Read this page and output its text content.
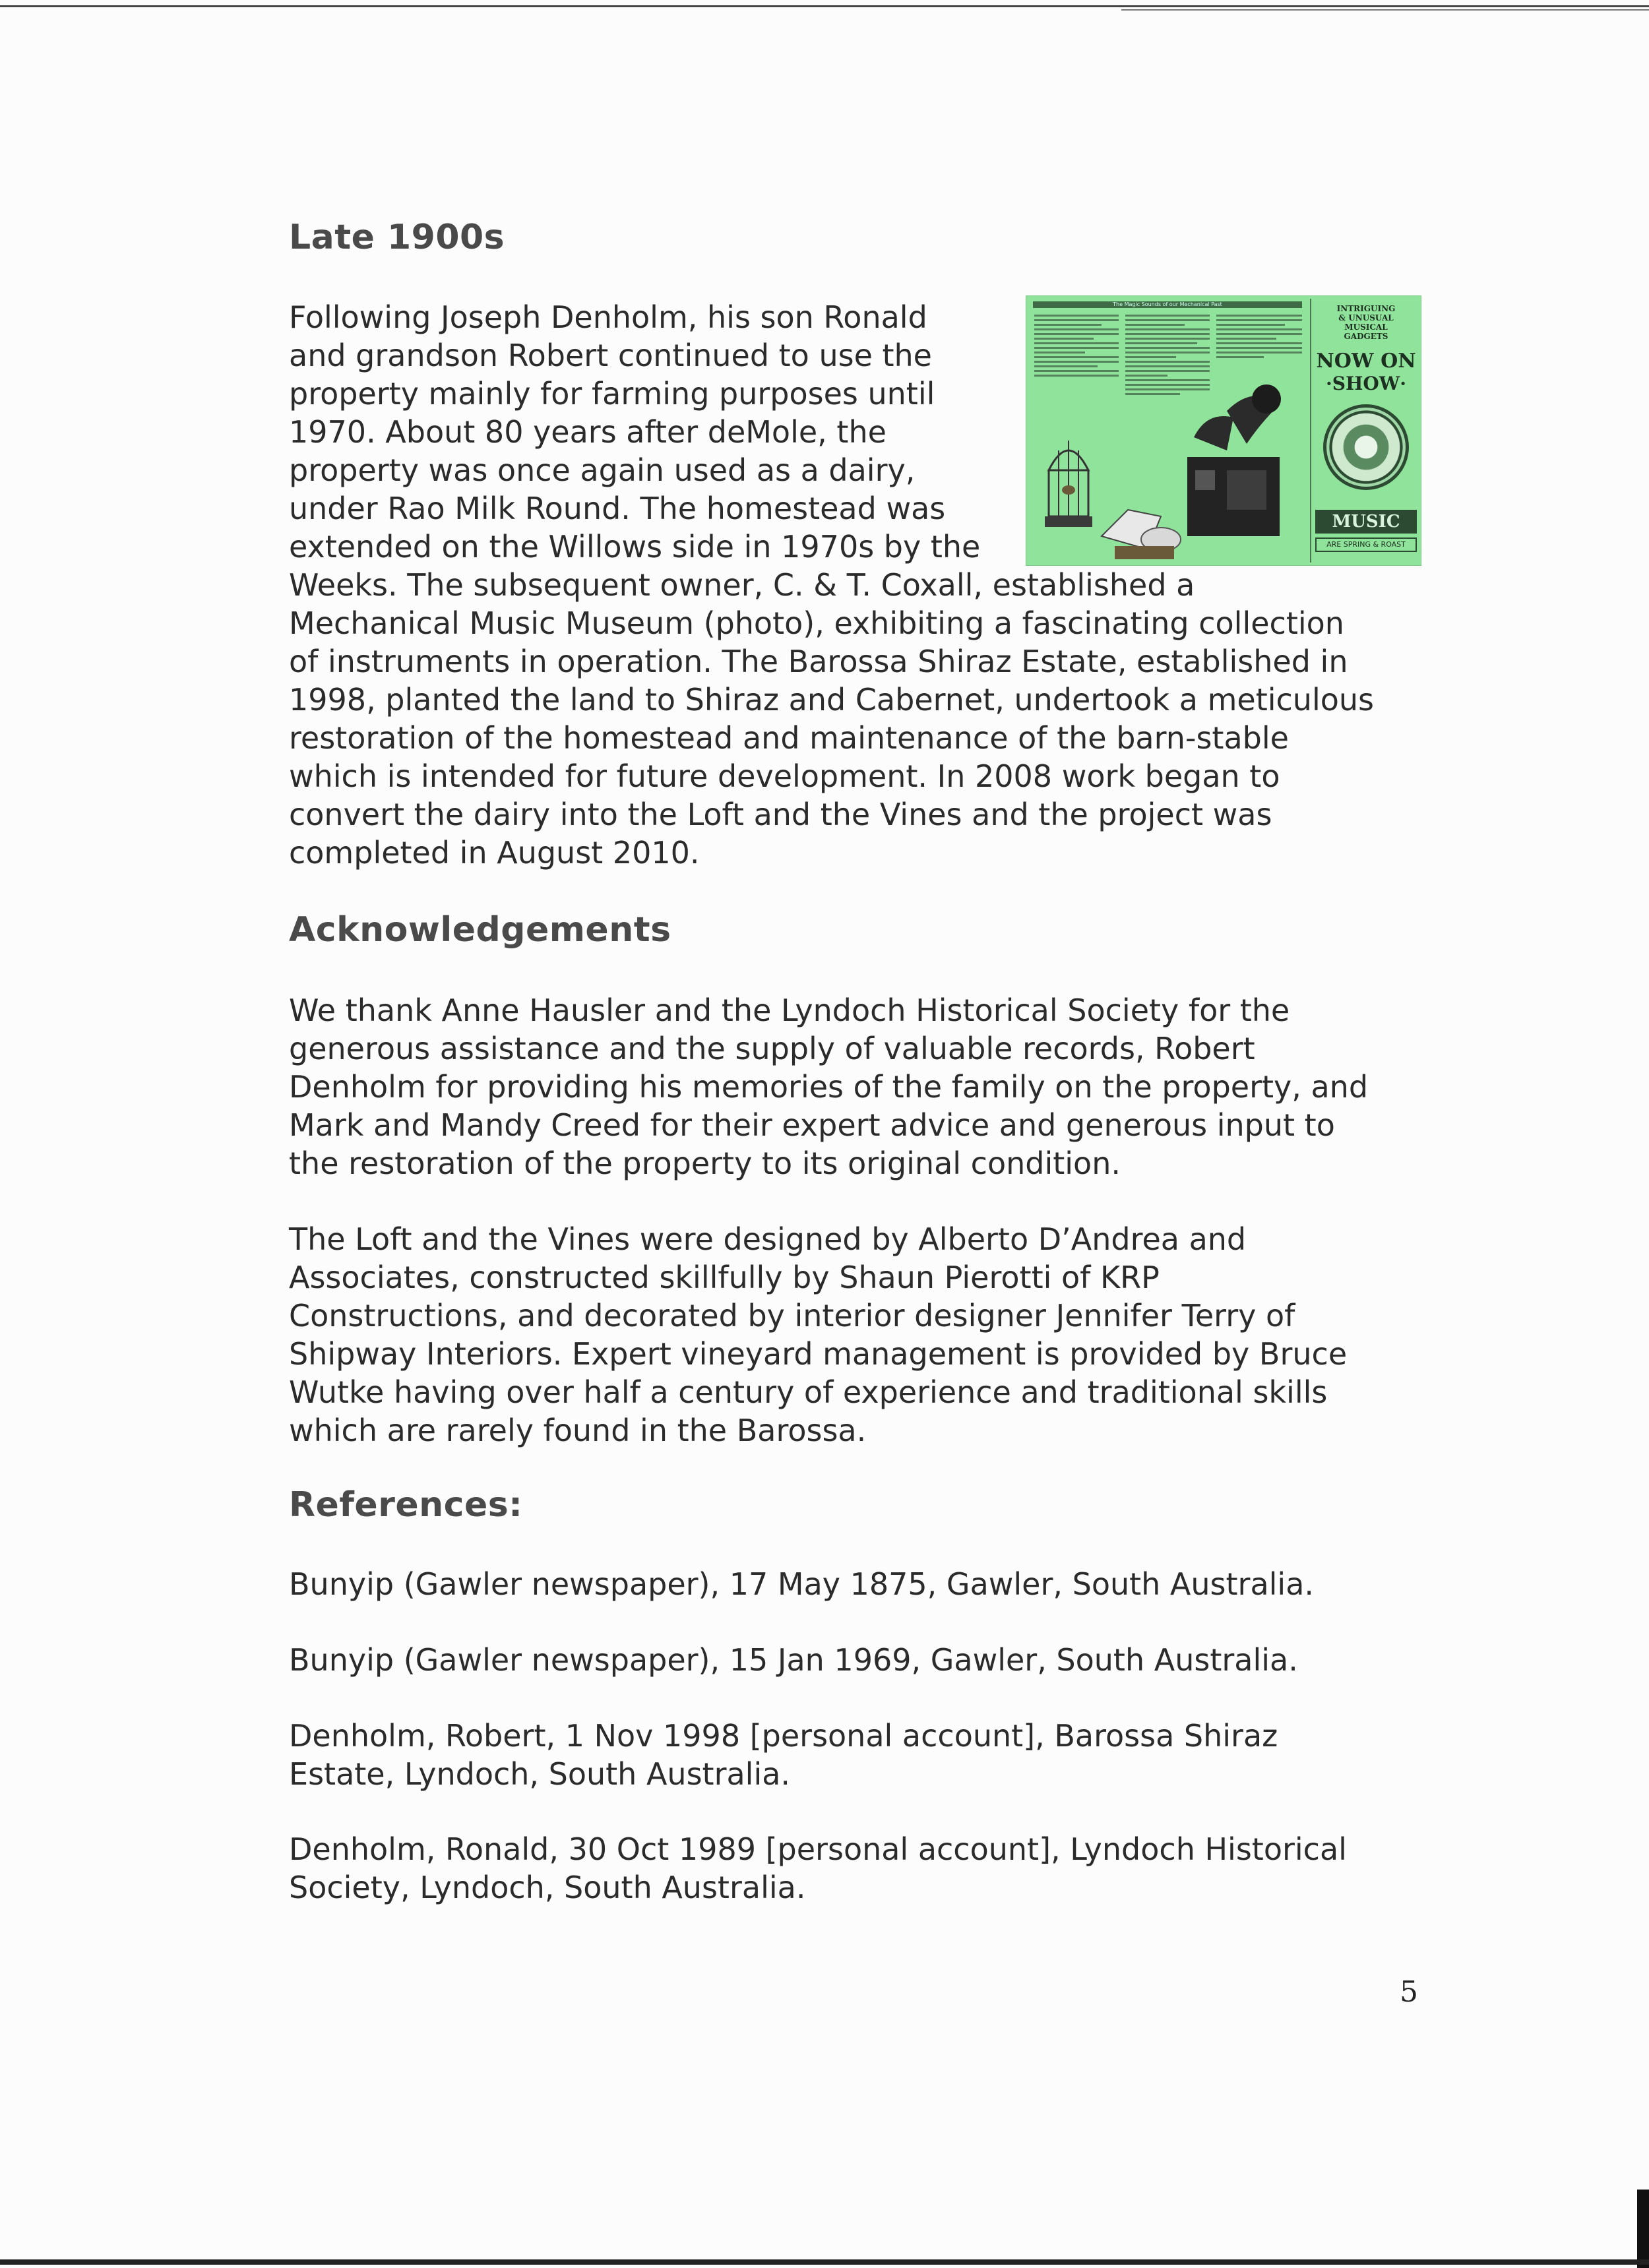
Late 1900s

Following Joseph Denholm, his son Ronald
and grandson Robert continued to use the
property mainly for farming purposes until
1970. About 80 years after deMole, the
property was once again used as a dairy,
under Rao Milk Round. The homestead was
extended on the Willows side in 1970s by the
Weeks. The subsequent owner, C. & T. Coxall, established a
Mechanical Music Museum (photo), exhibiting a fascinating collection
of instruments in operation. The Barossa Shiraz Estate, established in
1998, planted the land to Shiraz and Cabernet, undertook a meticulous
restoration of the homestead and maintenance of the barn-stable
which is intended for future development. In 2008 work began to
convert the dairy into the Loft and the Vines and the project was
completed in August 2010.

Acknowledgements

We thank Anne Hausler and the Lyndoch Historical Society for the
generous assistance and the supply of valuable records, Robert
Denholm for providing his memories of the family on the property, and
Mark and Mandy Creed for their expert advice and generous input to
the restoration of the property to its original condition.

The Loft and the Vines were designed by Alberto D’Andrea and
Associates, constructed skillfully by Shaun Pierotti of KRP
Constructions, and decorated by interior designer Jennifer Terry of
Shipway Interiors. Expert vineyard management is provided by Bruce
Wutke having over half a century of experience and traditional skills
which are rarely found in the Barossa.

References:

Bunyip (Gawler newspaper), 17 May 1875, Gawler, South Australia.

Bunyip (Gawler newspaper), 15 Jan 1969, Gawler, South Australia.

Denholm, Robert, 1 Nov 1998 [personal account], Barossa Shiraz
Estate, Lyndoch, South Australia.

Denholm, Ronald, 30 Oct 1989 [personal account], Lyndoch Historical
Society, Lyndoch, South Australia.

The Magic Sounds of our Mechanical Past	INTRIGUING
& UNUSUAL
MUSICAL
GADGETS
NOW ON
·SHOW·
MUSIC
ARE SPRING & ROAST
5
